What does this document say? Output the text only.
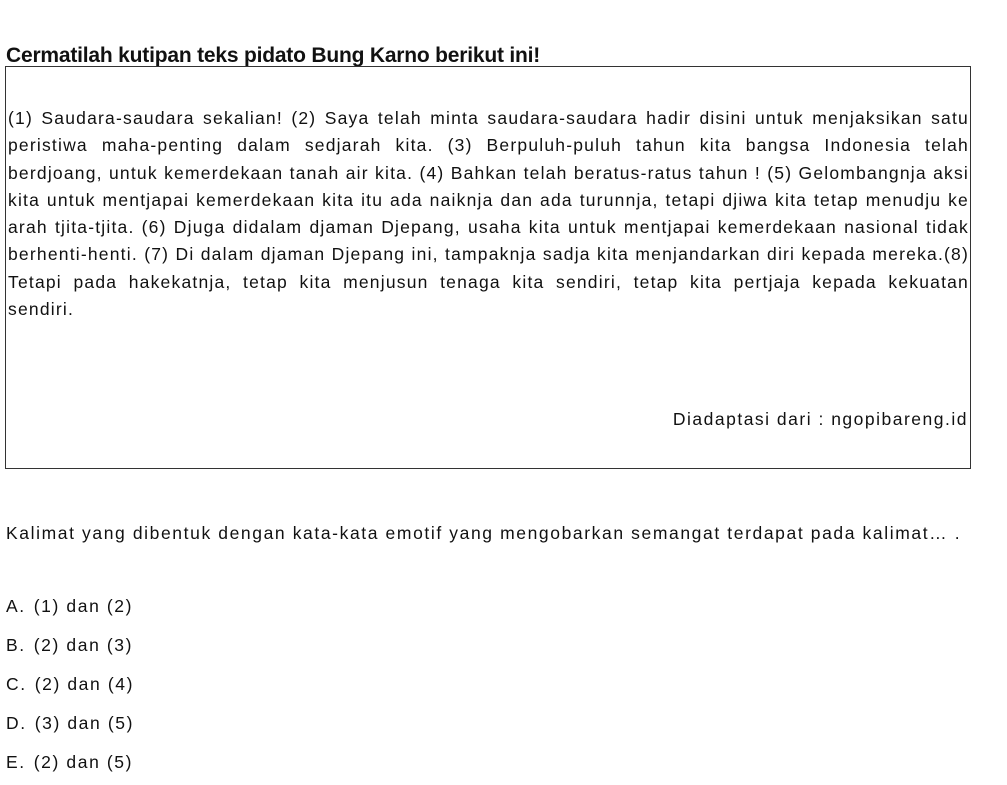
Cermatilah kutipan teks pidato Bung Karno berikut ini!

(1) Saudara-saudara sekalian! (2) Saya telah minta saudara-saudara hadir disini untuk menjaksikan satu peristiwa maha-penting dalam sedjarah kita. (3) Berpuluh-puluh tahun kita bangsa Indonesia telah berdjoang, untuk kemerdekaan tanah air kita. (4) Bahkan telah beratus-ratus tahun ! (5) Gelombangnja aksi kita untuk mentjapai kemerdekaan kita itu ada naiknja dan ada turunnja, tetapi djiwa kita tetap menudju ke arah tjita-tjita. (6) Djuga didalam djaman Djepang, usaha kita untuk mentjapai kemerdekaan nasional tidak berhenti-henti. (7) Di dalam djaman Djepang ini, tampaknja sadja kita menjandarkan diri kepada mereka.(8) Tetapi pada hakekatnja, tetap kita menjusun tenaga kita sendiri, tetap kita pertjaja kepada kekuatan sendiri.

Diadaptasi dari : ngopibareng.id

Kalimat yang dibentuk dengan kata-kata emotif yang mengobarkan semangat terdapat pada kalimat… .

A. (1) dan (2)
B. (2) dan (3)
C. (2) dan (4)
D. (3) dan (5)
E. (2) dan (5)
